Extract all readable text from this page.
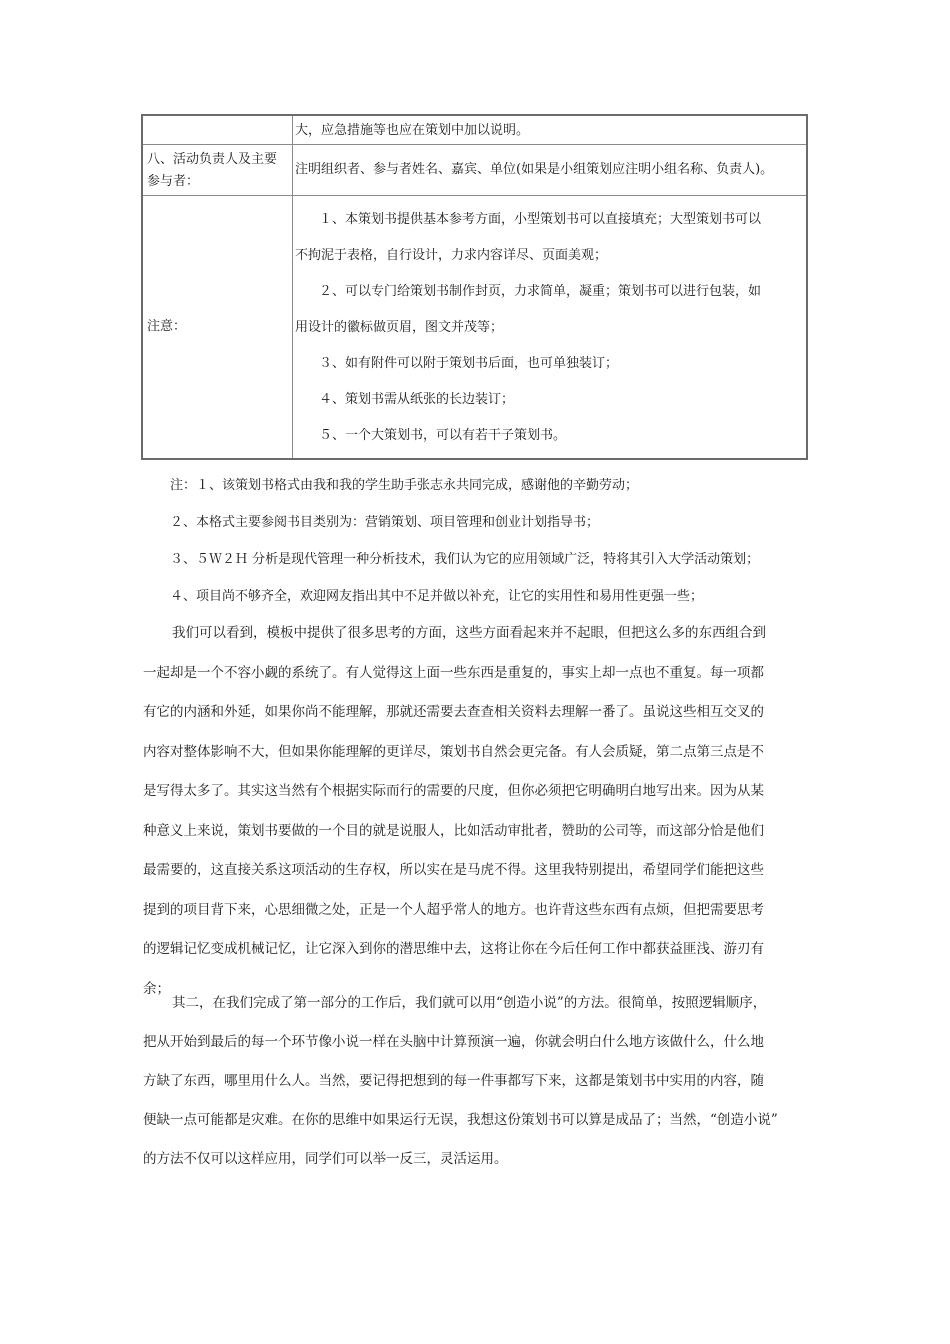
大，应急措施等也应在策划中加以说明。
八、活动负责人及主要
参与者：
注明组织者、参与者姓名、嘉宾、单位(如果是小组策划应注明小组名称、负责人)。
注意：
１、本策划书提供基本参考方面，小型策划书可以直接填充；大型策划书可以
不拘泥于表格，自行设计，力求内容详尽、页面美观；
２、可以专门给策划书制作封页，力求简单，凝重；策划书可以进行包装，如
用设计的徽标做页眉，图文并茂等；
３、如有附件可以附于策划书后面，也可单独装订；
４、策划书需从纸张的长边装订；
５、一个大策划书，可以有若干子策划书。
注：１、该策划书格式由我和我的学生助手张志永共同完成，感谢他的辛勤劳动；
２、本格式主要参阅书目类别为：营销策划、项目管理和创业计划指导书；
３、５Ｗ２Ｈ 分析是现代管理一种分析技术，我们认为它的应用领域广泛，特将其引入大学活动策划；
４、项目尚不够齐全，欢迎网友指出其中不足并做以补充，让它的实用性和易用性更强一些；
我们可以看到，模板中提供了很多思考的方面，这些方面看起来并不起眼，但把这么多的东西组合到
一起却是一个不容小觑的系统了。有人觉得这上面一些东西是重复的，事实上却一点也不重复。每一项都
有它的内涵和外延，如果你尚不能理解，那就还需要去查查相关资料去理解一番了。虽说这些相互交叉的
内容对整体影响不大，但如果你能理解的更详尽，策划书自然会更完备。有人会质疑，第二点第三点是不
是写得太多了。其实这当然有个根据实际而行的需要的尺度，但你必须把它明确明白地写出来。因为从某
种意义上来说，策划书要做的一个目的就是说服人，比如活动审批者，赞助的公司等，而这部分恰是他们
最需要的，这直接关系这项活动的生存权，所以实在是马虎不得。这里我特别提出，希望同学们能把这些
提到的项目背下来，心思细微之处，正是一个人超乎常人的地方。也许背这些东西有点烦，但把需要思考
的逻辑记忆变成机械记忆，让它深入到你的潜思维中去，这将让你在今后任何工作中都获益匪浅、游刃有
余；
其二，在我们完成了第一部分的工作后，我们就可以用“创造小说”的方法。很简单，按照逻辑顺序，
把从开始到最后的每一个环节像小说一样在头脑中计算预演一遍，你就会明白什么地方该做什么，什么地
方缺了东西，哪里用什么人。当然，要记得把想到的每一件事都写下来，这都是策划书中实用的内容，随
便缺一点可能都是灾难。在你的思维中如果运行无误，我想这份策划书可以算是成品了；当然，“创造小说”
的方法不仅可以这样应用，同学们可以举一反三，灵活运用。
